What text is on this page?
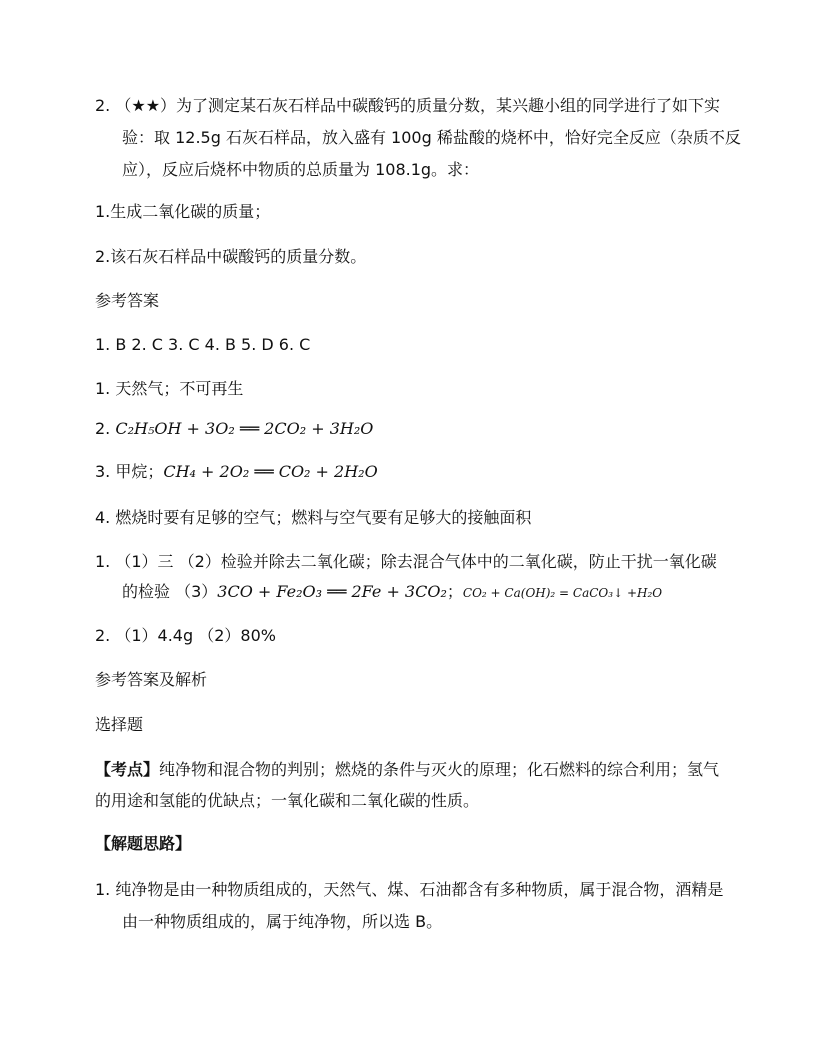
2. （★★）为了测定某石灰石样品中碳酸钙的质量分数，某兴趣小组的同学进行了如下实
验：取 12.5g 石灰石样品，放入盛有 100g 稀盐酸的烧杯中，恰好完全反应（杂质不反
应），反应后烧杯中物质的总质量为 108.1g。求：
1.生成二氧化碳的质量；
2.该石灰石样品中碳酸钙的质量分数。
参考答案
1. B 2. C 3. C 4. B 5. D 6. C
1. 天然气；不可再生
2. C₂H₅OH + 3O₂ ══ 2CO₂ + 3H₂O
3. 甲烷；CH₄ + 2O₂ ══ CO₂ + 2H₂O
4. 燃烧时要有足够的空气；燃料与空气要有足够大的接触面积
1. （1）三 （2）检验并除去二氧化碳；除去混合气体中的二氧化碳，防止干扰一氧化碳
的检验 （3）3CO + Fe₂O₃ ══ 2Fe + 3CO₂；CO₂ + Ca(OH)₂ = CaCO₃↓ +H₂O
2. （1）4.4g （2）80%
参考答案及解析
选择题
【考点】纯净物和混合物的判别；燃烧的条件与灭火的原理；化石燃料的综合利用；氢气
的用途和氢能的优缺点；一氧化碳和二氧化碳的性质。
【解题思路】
1. 纯净物是由一种物质组成的，天然气、煤、石油都含有多种物质，属于混合物，酒精是
由一种物质组成的，属于纯净物，所以选 B。
